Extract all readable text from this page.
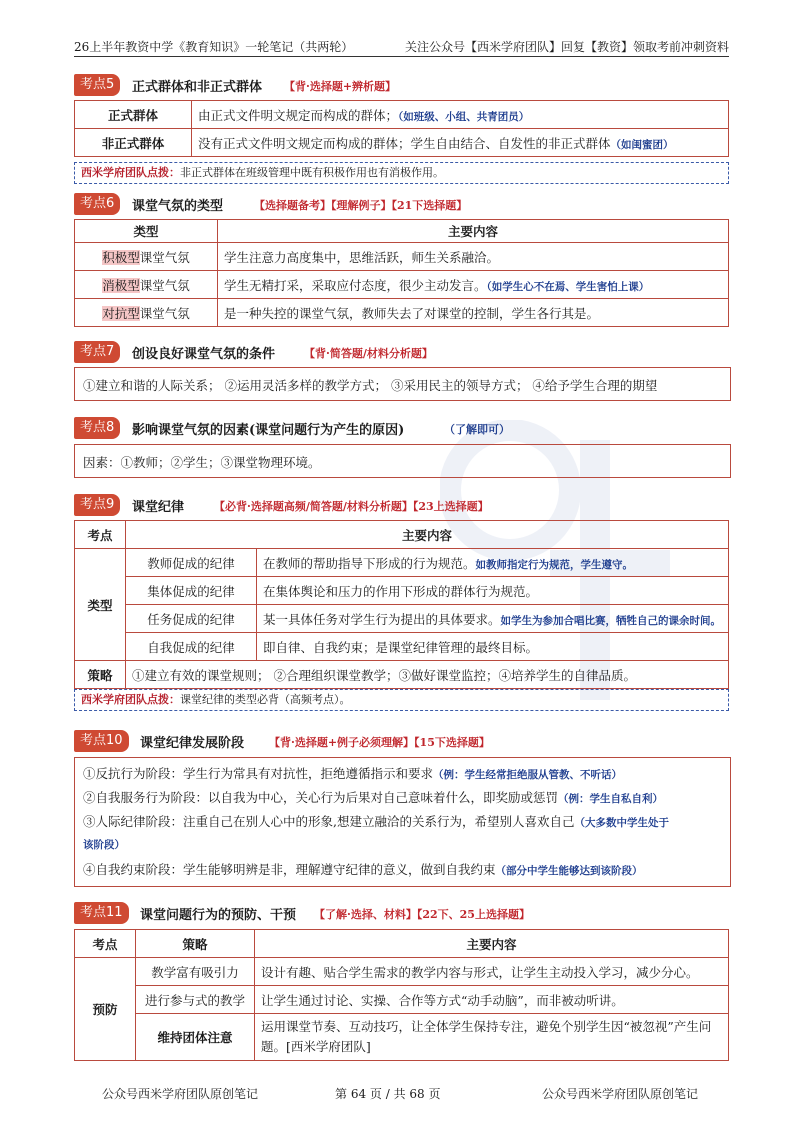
26上半年教资中学《教育知识》一轮笔记（共两轮）	关注公众号【西米学府团队】回复【教资】领取考前冲刺资料
考点5	正式群体和非正式群体 【背·选择题+辨析题】
正式群体	由正式文件明文规定而构成的群体；（如班级、小组、共青团员）
非正式群体	没有正式文件明文规定而构成的群体；学生自由结合、自发性的非正式群体（如闺蜜团）
西米学府团队点拨：非正式群体在班级管理中既有积极作用也有消极作用。
考点6	课堂气氛的类型	【选择题备考】【理解例子】【21下选择题】
类型	主要内容
积极型课堂气氛	学生注意力高度集中，思维活跃，师生关系融洽。
消极型课堂气氛	学生无精打采，采取应付态度，很少主动发言。（如学生心不在焉、学生害怕上课）
对抗型课堂气氛	是一种失控的课堂气氛，教师失去了对课堂的控制，学生各行其是。
考点7	创设良好课堂气氛的条件	【背·简答题/材料分析题】
①建立和谐的人际关系； ②运用灵活多样的教学方式； ③采用民主的领导方式； ④给予学生合理的期望
考点8	影响课堂气氛的因素(课堂问题行为产生的原因)	（了解即可）
因素：①教师；②学生；③课堂物理环境。
考点9	课堂纪律	【必背·选择题高频/简答题/材料分析题】【23上选择题】
考点	主要内容	
类型	教师促成的纪律	在教师的帮助指导下形成的行为规范。如教师指定行为规范，学生遵守。
	集体促成的纪律	在集体舆论和压力的作用下形成的群体行为规范。
	任务促成的纪律	某一具体任务对学生行为提出的具体要求。如学生为参加合唱比赛，牺牲自己的课余时间。
	自我促成的纪律	即自律、自我约束；是课堂纪律管理的最终目标。
策略	①建立有效的课堂规则； ②合理组织课堂教学；③做好课堂监控；④培养学生的自律品质。	
西米学府团队点拨：课堂纪律的类型必背（高频考点）。
考点10	课堂纪律发展阶段 【背·选择题+例子必须理解】【15下选择题】
①反抗行为阶段：学生行为常具有对抗性，拒绝遵循指示和要求（例：学生经常拒绝服从管教、不听话）
②自我服务行为阶段：以自我为中心，关心行为后果对自己意味着什么，即奖励或惩罚（例：学生自私自利）
③人际纪律阶段：注重自己在别人心中的形象,想建立融洽的关系行为，希望别人喜欢自己（大多数中学生处于
该阶段）
④自我约束阶段：学生能够明辨是非，理解遵守纪律的意义，做到自我约束（部分中学生能够达到该阶段）
考点11	课堂问题行为的预防、干预 【了解·选择、材料】【22下、25上选择题】
考点	策略	主要内容
预防	教学富有吸引力	设计有趣、贴合学生需求的教学内容与形式，让学生主动投入学习，减少分心。
	进行参与式的教学	让学生通过讨论、实操、合作等方式“动手动脑”，而非被动听讲。
	维持团体注意	运用课堂节奏、互动技巧，让全体学生保持专注，避免个别学生因“被忽视”产生问题。[西米学府团队]
公众号西米学府团队原创笔记	第 64 页 / 共 68 页	公众号西米学府团队原创笔记
